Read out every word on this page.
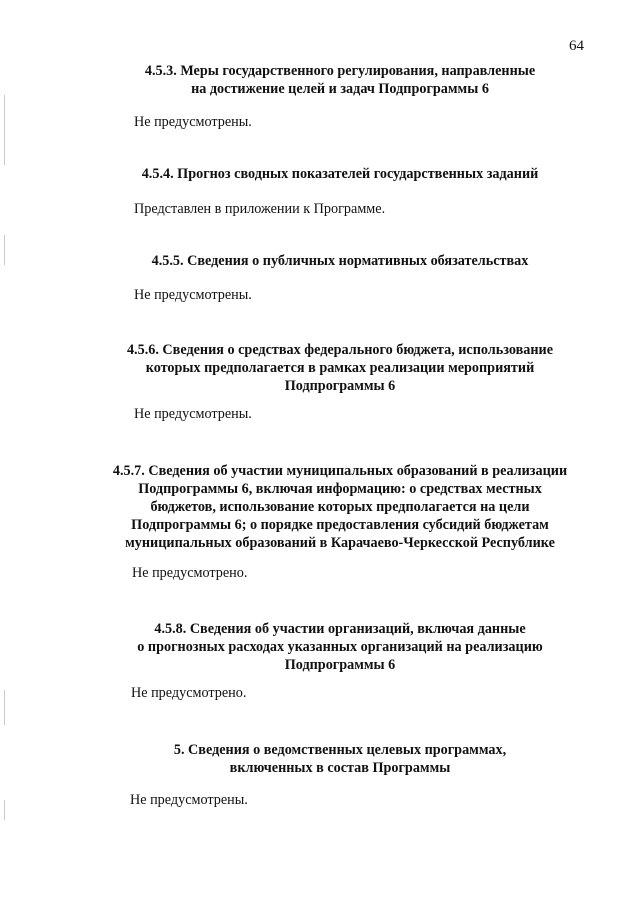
64
4.5.3. Меры государственного регулирования, направленные
на достижение целей и задач Подпрограммы 6
Не предусмотрены.
4.5.4. Прогноз сводных показателей государственных заданий
Представлен в приложении к Программе.
4.5.5. Сведения о публичных нормативных обязательствах
Не предусмотрены.
4.5.6. Сведения о средствах федерального бюджета, использование
которых предполагается в рамках реализации мероприятий
Подпрограммы 6
Не предусмотрены.
4.5.7. Сведения об участии муниципальных образований в реализации
Подпрограммы 6, включая информацию: о средствах местных
бюджетов, использование которых предполагается на цели
Подпрограммы 6; о порядке предоставления субсидий бюджетам
муниципальных образований в Карачаево-Черкесской Республике
Не предусмотрено.
4.5.8. Сведения об участии организаций, включая данные
о прогнозных расходах указанных организаций на реализацию
Подпрограммы 6
Не предусмотрено.
5. Сведения о ведомственных целевых программах,
включенных в состав Программы
Не предусмотрены.
